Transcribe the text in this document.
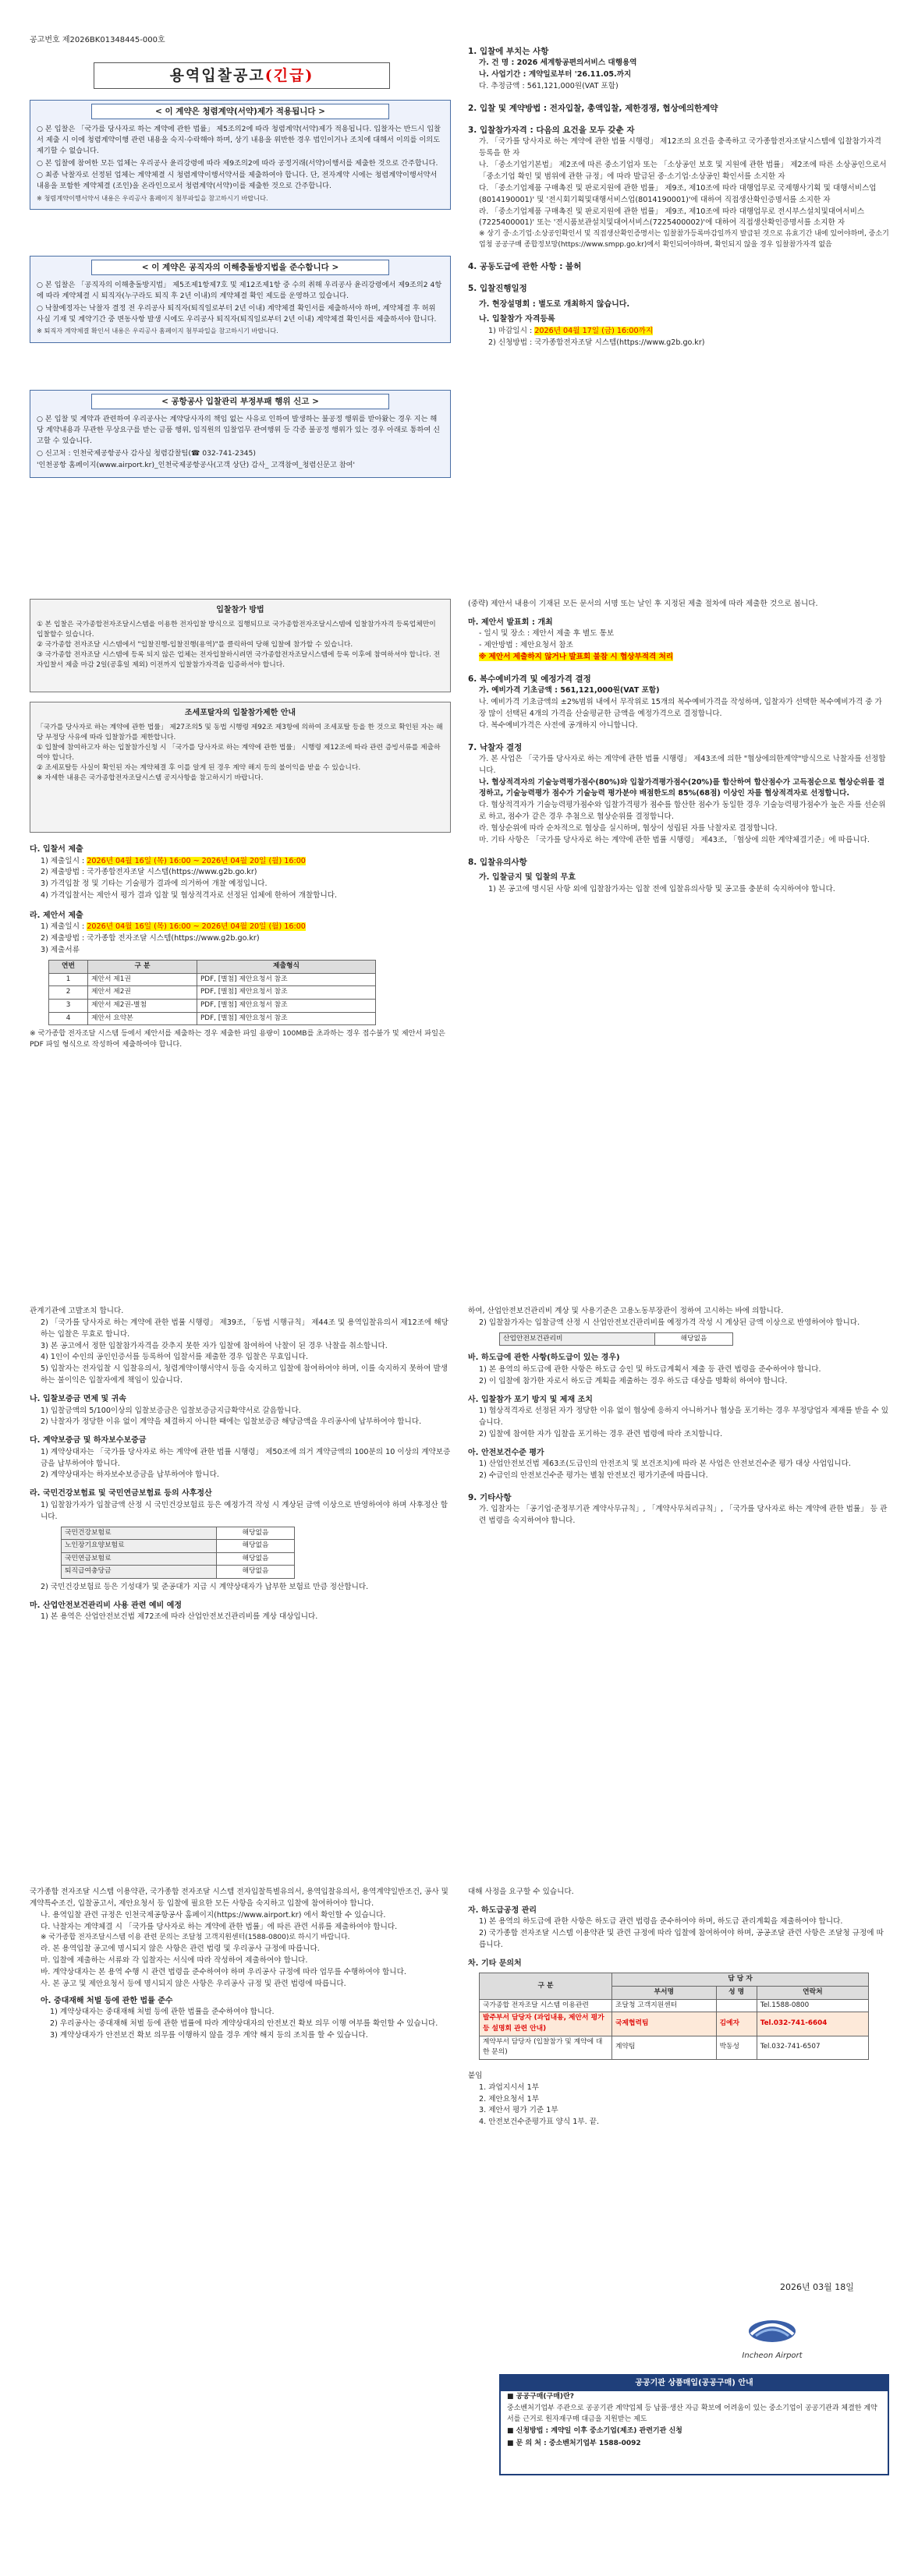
공고번호 제2026BK01348445-000호
용역입찰공고(긴급)
< 이 계약은 청렴계약(서약)제가 적용됩니다 >

○ 본 입찰은 「국가를 당사자로 하는 계약에 관한 법률」 제5조의2에 따라 청렴계약(서약)제가 적용됩니다. 입찰자는 반드시 입찰서 제출 시 이에 청렴계약이행 관련 내용을 숙지·수락해야 하며, 상기 내용을 위반한 경우 법인이거나 조치에 대해서 이의를 이의도 제기할 수 없습니다.

○ 본 입찰에 참여한 모든 업체는 우리공사 윤리강령에 따라 제9조의2에 따라 공정거래(서약)이행서를 제출한 것으로 간주합니다.

○ 최종 낙찰자로 선정된 업체는 계약체결 시 청렴계약이행서약서를 제출하여야 합니다. 단, 전자계약 시에는 청렴계약이행서약서 내용을 포함한 계약체결 (조인)을 온라인으로서 청렴계약(서약)이를 제출한 것으로 간주합니다.

※ 청렴계약이행서약서 내용은 우리공사 홈페이지 첨부파일을 참고하시기 바랍니다.

< 이 계약은 공직자의 이해충돌방지법을 준수합니다 >

○ 본 입찰은 「공직자의 이해충돌방지법」 제5조제1항제7호 및 제12조제1항 중 수의 취해 우리공사 윤리강령에서 제9조의2 4항에 따라 계약체결 시 퇴직자(누구라도 퇴직 후 2년 이내)의 계약체결 확인 제도를 운영하고 있습니다.

○ 낙찰예정자는 낙찰자 결정 전 우리공사 퇴직자(퇴직일로부터 2년 이내) 계약체결 확인서를 제출하셔야 하며, 계약체결 후 허위 사실 기재 및 계약기간 중 변동사항 발생 시에도 우리공사 퇴직자(퇴직일로부터 2년 이내) 계약체결 확인서를 제출하셔야 합니다.

※ 퇴직자 계약체결 확인서 내용은 우리공사 홈페이지 첨부파일을 참고하시기 바랍니다.

< 공항공사 입찰관리 부정부패 행위 신고 >

○ 본 입찰 및 계약과 관련하여 우리공사는 계약당사자의 책임 없는 사유로 인하여 발생하는 불공정 행위를 받아왔는 경우 지는 해당 계약내용과 무관한 무상요구를 받는 금품 행위, 임직원의 입찰업무 관여행위 등 각종 불공정 행위가 있는 경우 아래로 통하여 신고할 수 있습니다.

○ 신고처 : 인천국제공항공사 감사실 청렴감찰팀(☎ 032-741-2345)

'인천공항 홈페이지(www.airport.kr)_인천국제공항공사(고객 상단) 감사_ 고객참여_청렴신문고 참여'

1. 입찰에 부치는 사항
가. 건 명 : 2026 세계항공편의서비스 대행용역
나. 사업기간 : 계약일로부터 '26.11.05.까지
다. 추정금액 : 561,121,000원(VAT 포함)
2. 입찰 및 계약방법 : 전자입찰, 총액입찰, 제한경쟁, 협상에의한계약
3. 입찰참가자격 : 다음의 요건을 모두 갖춘 자
가. 「국가를 당사자로 하는 계약에 관한 법률 시행령」 제12조의 요건을 충족하고 국가종합전자조달시스템에 입찰참가자격 등록을 한 자
나. 「중소기업기본법」 제2조에 따른 중소기업자 또는 「소상공인 보호 및 지원에 관한 법률」 제2조에 따른 소상공인으로서 「중소기업 확인 및 범위에 관한 규정」에 따라 발급된 중·소기업·소상공인 확인서를 소지한 자
다. 「중소기업제품 구매촉진 및 판로지원에 관한 법률」 제9조, 제10조에 따라 대행업무로 국제행사기획 및 대행서비스업(8014190001)' 및 '전시회기획및대행서비스업(8014190001)'에 대하여 직접생산확인증명서를 소지한 자
라. 「중소기업제품 구매촉진 및 판로지원에 관한 법률」 제9조, 제10조에 따라 대행업무로 전시부스설치및대여서비스(7225400001)' 또는 '전시품보관설치및대여서비스(7225400002)'에 대하여 직접생산확인증명서를 소지한 자
※ 상기 중·소기업·소상공인확인서 및 직접생산확인증명서는 입찰참가등록마감일까지 발급된 것으로 유효기간 내에 있어야하며, 중소기업청 공공구매 종합정보망(https://www.smpp.go.kr)에서 확인되어야하며, 확인되지 않을 경우 입찰참가자격 없음
4. 공동도급에 관한 사항 : 불허
5. 입찰진행일정
가. 현장설명회 : 별도로 개최하지 않습니다.
나. 입찰참가 자격등록
1) 마감일시 : 2026년 04월 17일 (금) 16:00까지
2) 신청방법 : 국가종합전자조달 시스템(https://www.g2b.go.kr)
입찰참가 방법

① 본 입찰은 국가종합전자조달시스템을 이용한 전자입찰 방식으로 집행되므로 국가종합전자조달시스템에 입찰참가자격 등록업체만이 입찰할수 있습니다.

② 국가종합 전자조달 시스템에서 "입찰진행-입찰진행(용역)"를 클릭하여 당해 입찰에 참가할 수 있습니다.

③ 국가종합 전자조달 시스템에 등록 되지 않은 업체는 전자입찰하시려면 국가종합전자조달시스템에 등록 이후에 참여하셔야 합니다. 전자입찰서 제출 마감 2일(공휴일 제외) 이전까지 입찰참가자격을 입증하셔야 합니다.

조세포탈자의 입찰참가제한 안내

「국가를 당사자로 하는 계약에 관한 법률」 제27조의5 및 동법 시행령 제92조 제3항에 의하여 조세포탈 등을 한 것으로 확인된 자는 해당 부정당 사유에 따라 입찰참가를 제한합니다.

① 입찰에 참여하고자 하는 입찰참가신청 시 「국가를 당사자로 하는 계약에 관한 법률」 시행령 제12조에 따라 관련 증빙서류를 제출하여야 합니다.

② 조세포탈등 사실이 확인된 자는 계약체결 후 이를 알게 된 경우 계약 해지 등의 불이익을 받을 수 있습니다.

※ 자세한 내용은 국가종합전자조달시스템 공지사항을 참고하시기 바랍니다.

다. 입찰서 제출
1) 제출일시 : 2026년 04월 16일 (목) 16:00 ~ 2026년 04월 20일 (월) 16:00
2) 제출방법 : 국가종합전자조달 시스템(https://www.g2b.go.kr)
3) 가격입찰 정 및 기타는 기술평가 결과에 의거하여 개찰 예정입니다.
4) 가격입찰서는 제안서 평가 결과 입찰 및 협상적격자로 선정된 업체에 한하여 개찰합니다.
라. 제안서 제출
1) 제출일시 : 2026년 04월 16일 (목) 16:00 ~ 2026년 04월 20일 (월) 16:00
2) 제출방법 : 국가종합 전자조달 시스템(https://www.g2b.go.kr)
3) 제출서류
연번	구 분	제출형식
1	제안서 제1권	PDF, [별첨] 제안요청서 참조
2	제안서 제2권	PDF, [별첨] 제안요청서 참조
3	제안서 제2권-별첨	PDF, [별첨] 제안요청서 참조
4	제안서 요약본	PDF, [별첨] 제안요청서 참조
※ 국가종합 전자조달 시스템 등에서 제안서를 제출하는 경우 제출한 파일 용량이 100MB를 초과하는 경우 접수불가 및 제안서 파일은 PDF 파일 형식으로 작성하여 제출하여야 합니다.
(중략) 제안서 내용이 기재된 모든 문서의 서명 또는 날인 후 지정된 제출 절차에 따라 제출한 것으로 봅니다.
마. 제안서 발표회 : 개최
- 일시 및 장소 : 제안서 제출 후 별도 통보
- 제안방법 : 제안요청서 참조
※ 제안서 제출하지 않거나 발표회 불참 시 협상부적격 처리
6. 복수예비가격 및 예정가격 결정
가. 예비가격 기초금액 : 561,121,000원(VAT 포함)
나. 예비가격 기초금액의 ±2%범위 내에서 무작위로 15개의 복수예비가격을 작성하며, 입찰자가 선택한 복수예비가격 중 가장 많이 선택된 4개의 가격을 산술평균한 금액을 예정가격으로 결정합니다.
다. 복수예비가격은 사전에 공개하지 아니합니다.
7. 낙찰자 결정
가. 본 사업은 「국가를 당사자로 하는 계약에 관한 법률 시행령」 제43조에 의한 "협상에의한계약"방식으로 낙찰자를 선정합니다.
나. 협상적격자의 기술능력평가점수(80%)와 입찰가격평가점수(20%)를 합산하여 합산점수가 고득점순으로 협상순위를 결정하고, 기술능력평가 점수가 기술능력 평가분야 배점한도의 85%(68점) 이상인 자를 협상적격자로 선정합니다.
다. 협상적격자가 기술능력평가점수와 입찰가격평가 점수를 합산한 점수가 동일한 경우 기술능력평가점수가 높은 자를 선순위로 하고, 점수가 같은 경우 추첨으로 협상순위를 결정합니다.
라. 협상순위에 따라 순차적으로 협상을 실시하며, 협상이 성립된 자를 낙찰자로 결정합니다.
마. 기타 사항은 「국가를 당사자로 하는 계약에 관한 법률 시행령」 제43조, 「협상에 의한 계약체결기준」에 따릅니다.
8. 입찰유의사항
가. 입찰금지 및 입찰의 무효
1) 본 공고에 명시된 사항 외에 입찰참가자는 입찰 전에 입찰유의사항 및 공고를 충분히 숙지하여야 합니다.
관계기관에 고발조치 합니다.
2) 「국가를 당사자로 하는 계약에 관한 법률 시행령」 제39조, 「동법 시행규칙」 제44조 및 용역입찰유의서 제12조에 해당하는 입찰은 무효로 합니다.
3) 본 공고에서 정한 입찰참가자격을 갖추지 못한 자가 입찰에 참여하여 낙찰이 된 경우 낙찰을 취소합니다.
4) 1인이 수인의 공인인증서를 등록하여 입찰서를 제출한 경우 입찰은 무효입니다.
5) 입찰자는 전자입찰 시 입찰유의서, 청렴계약이행서약서 등을 숙지하고 입찰에 참여하여야 하며, 이를 숙지하지 못하여 발생하는 불이익은 입찰자에게 책임이 있습니다.
나. 입찰보증금 면제 및 귀속
1) 입찰금액의 5/100이상의 입찰보증금은 입찰보증금지급확약서로 갈음합니다.
2) 낙찰자가 정당한 이유 없이 계약을 체결하지 아니한 때에는 입찰보증금 해당금액을 우리공사에 납부하여야 합니다.
다. 계약보증금 및 하자보수보증금
1) 계약상대자는 「국가를 당사자로 하는 계약에 관한 법률 시행령」 제50조에 의거 계약금액의 100분의 10 이상의 계약보증금을 납부하여야 합니다.
2) 계약상대자는 하자보수보증금을 납부하여야 합니다.
라. 국민건강보험료 및 국민연금보험료 등의 사후정산
1) 입찰참가자가 입찰금액 산정 시 국민건강보험료 등은 예정가격 작성 시 계상된 금액 이상으로 반영하여야 하며 사후정산 합니다.
국민건강보험료	해당없음
노인장기요양보험료	해당없음
국민연금보험료	해당없음
퇴직급여충당금	해당없음
2) 국민건강보험료 등은 기성대가 및 준공대가 지급 시 계약상대자가 납부한 보험료 만큼 정산합니다.
마. 산업안전보건관리비 사용 관련 예비 예정
1) 본 용역은 산업안전보건법 제72조에 따라 산업안전보건관리비를 계상 대상입니다.
하여, 산업안전보건관리비 계상 및 사용기준은 고용노동부장관이 정하여 고시하는 바에 의합니다.
2) 입찰참가자는 입찰금액 산정 시 산업안전보건관리비를 예정가격 작성 시 계상된 금액 이상으로 반영하여야 합니다.
산업안전보건관리비	해당없음
바. 하도급에 관한 사항(하도급이 있는 경우)
1) 본 용역의 하도급에 관한 사항은 하도급 승인 및 하도급계획서 제출 등 관련 법령을 준수하여야 합니다.
2) 이 입찰에 참가한 자로서 하도급 계획을 제출하는 경우 하도급 대상을 명확히 하여야 합니다.
사. 입찰참가 포기 방지 및 제재 조치
1) 협상적격자로 선정된 자가 정당한 이유 없이 협상에 응하지 아니하거나 협상을 포기하는 경우 부정당업자 제재를 받을 수 있습니다.
2) 입찰에 참여한 자가 입찰을 포기하는 경우 관련 법령에 따라 조치합니다.
아. 안전보건수준 평가
1) 산업안전보건법 제63조(도급인의 안전조치 및 보건조치)에 따라 본 사업은 안전보건수준 평가 대상 사업입니다.
2) 수급인의 안전보건수준 평가는 별첨 안전보건 평가기준에 따릅니다.
9. 기타사항
가. 입찰자는 「공기업·준정부기관 계약사무규칙」, 「계약사무처리규칙」, 「국가를 당사자로 하는 계약에 관한 법률」 등 관련 법령을 숙지하여야 합니다.
국가종합 전자조달 시스템 이용약관, 국가종합 전자조달 시스템 전자입찰특별유의서, 용역입찰유의서, 용역계약일반조건, 공사 및 계약특수조건, 입찰공고서, 제안요청서 등 입찰에 필요한 모든 사항을 숙지하고 입찰에 참여하여야 합니다.
나. 용역입찰 관련 규정은 인천국제공항공사 홈페이지(https://www.airport.kr) 에서 확인할 수 있습니다.
다. 낙찰자는 계약체결 시 「국가를 당사자로 하는 계약에 관한 법률」에 따른 관련 서류를 제출하여야 합니다.
※ 국가종합 전자조달시스템 이용 관련 문의는 조달청 고객지원센터(1588-0800)로 하시기 바랍니다.
라. 본 용역입찰 공고에 명시되지 않은 사항은 관련 법령 및 우리공사 규정에 따릅니다.
마. 입찰에 제출하는 서류와 각 입찰자는 서식에 따라 작성하여 제출하여야 합니다.
바. 계약상대자는 본 용역 수행 시 관련 법령을 준수하여야 하며 우리공사 규정에 따라 업무를 수행하여야 합니다.
사. 본 공고 및 제안요청서 등에 명시되지 않은 사항은 우리공사 규정 및 관련 법령에 따릅니다.
아. 중대재해 처벌 등에 관한 법률 준수
1) 계약상대자는 중대재해 처벌 등에 관한 법률을 준수하여야 합니다.
2) 우리공사는 중대재해 처벌 등에 관한 법률에 따라 계약상대자의 안전보건 확보 의무 이행 여부를 확인할 수 있습니다.
3) 계약상대자가 안전보건 확보 의무를 이행하지 않을 경우 계약 해지 등의 조치를 할 수 있습니다.
대해 사정을 요구할 수 있습니다.
자. 하도급공정 관리
1) 본 용역의 하도급에 관한 사항은 하도급 관련 법령을 준수하여야 하며, 하도급 관리계획을 제출하여야 합니다.
2) 국가종합 전자조달 시스템 이용약관 및 관련 규정에 따라 입찰에 참여하여야 하며, 공공조달 관련 사항은 조달청 규정에 따릅니다.
차. 기타 문의처
구 분	담 당 자		
	부서명	성 명	연락처
국가종합 전자조달 시스템 이용관련	조달청 고객지원센터		Tel.1588-0800
발주부서 담당자 (과업내용, 제안서 평가 등 설명회 관련 안내)	국제협력팀	김예자	Tel.032-741-6604
계약부서 담당자 (입찰참가 및 계약에 대한 문의)	계약팀	박동성	Tel.032-741-6507
붙임
1. 과업지시서 1부
2. 제안요청서 1부
3. 제안서 평가 기준 1부
4. 안전보건수준평가표 양식 1부. 끝.
2026년 03월 18일
Incheon Airport
공공기관 상품매입(공공구매) 안내

■ 공공구매(구매)란?

중소벤처기업부 주관으로 공공기관 계약업체 등 납품·생산 자금 확보에 어려움이 있는 중소기업이 공공기관과 체결한 계약서를 근거로 원자재구매 대금을 지원받는 제도

■ 신청방법 : 계약일 이후 중소기업(제조) 관련기관 신청

■ 문 의 처 : 중소벤처기업부 1588-0092
